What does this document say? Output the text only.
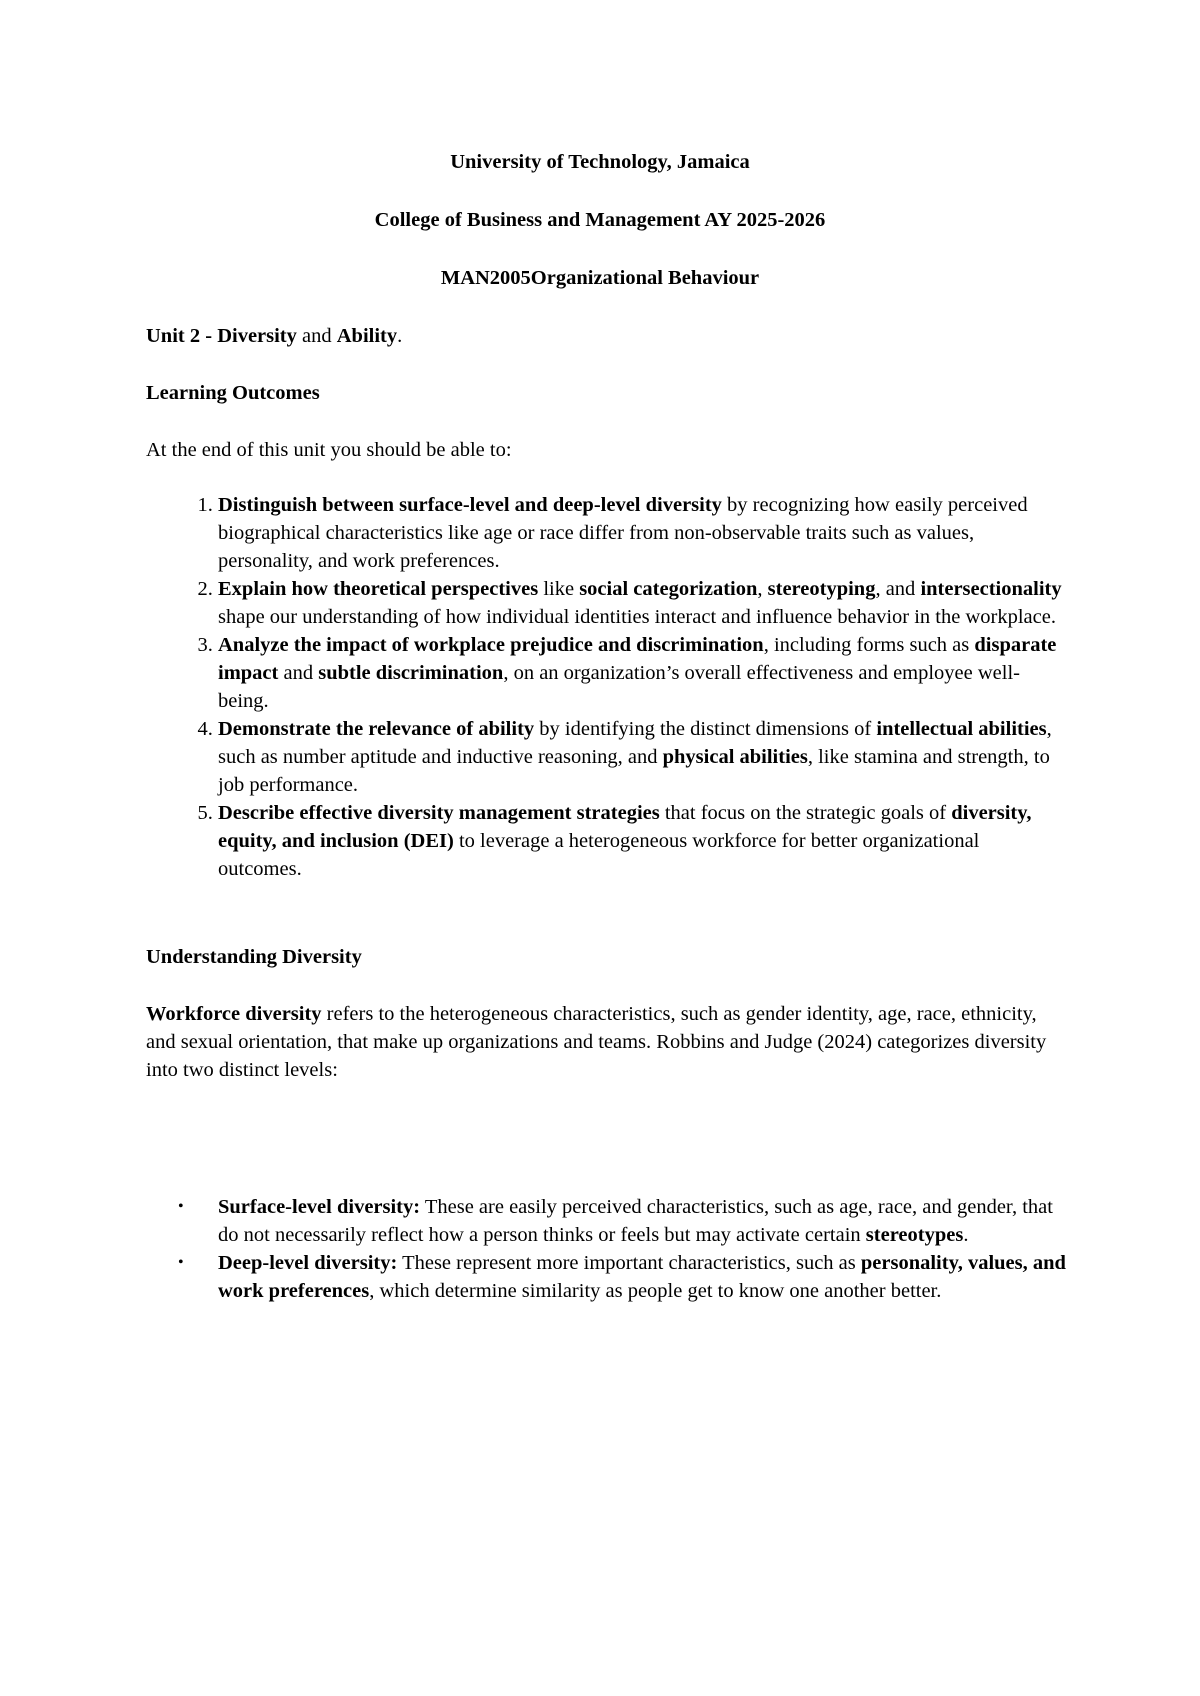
University of Technology, Jamaica
College of Business and Management AY 2025-2026
MAN2005Organizational Behaviour
Unit 2 - Diversity and Ability.
Learning Outcomes
At the end of this unit you should be able to:
1. Distinguish between surface-level and deep-level diversity by recognizing how easily perceived biographical characteristics like age or race differ from non-observable traits such as values, personality, and work preferences.
2. Explain how theoretical perspectives like social categorization, stereotyping, and intersectionality shape our understanding of how individual identities interact and influence behavior in the workplace.
3. Analyze the impact of workplace prejudice and discrimination, including forms such as disparate impact and subtle discrimination, on an organization’s overall effectiveness and employee well-being.
4. Demonstrate the relevance of ability by identifying the distinct dimensions of intellectual abilities, such as number aptitude and inductive reasoning, and physical abilities, like stamina and strength, to job performance.
5. Describe effective diversity management strategies that focus on the strategic goals of diversity, equity, and inclusion (DEI) to leverage a heterogeneous workforce for better organizational outcomes.
Understanding Diversity
Workforce diversity refers to the heterogeneous characteristics, such as gender identity, age, race, ethnicity, and sexual orientation, that make up organizations and teams. Robbins and Judge (2024) categorizes diversity into two distinct levels:
• Surface-level diversity: These are easily perceived characteristics, such as age, race, and gender, that do not necessarily reflect how a person thinks or feels but may activate certain stereotypes.
• Deep-level diversity: These represent more important characteristics, such as personality, values, and work preferences, which determine similarity as people get to know one another better.
